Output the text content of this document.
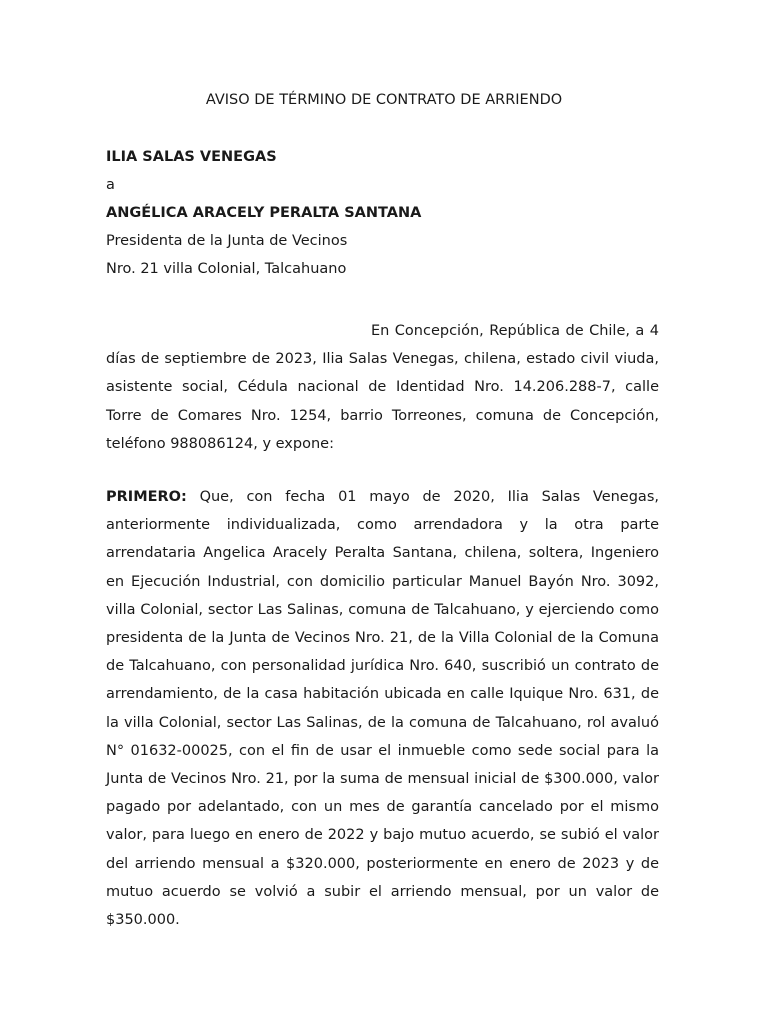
AVISO DE TÉRMINO DE CONTRATO DE ARRIENDO
ILIA SALAS VENEGAS
a
ANGÉLICA ARACELY PERALTA SANTANA
Presidenta de la Junta de Vecinos
Nro. 21 villa Colonial, Talcahuano
En Concepción, República de Chile, a 4 días de septiembre de 2023, Ilia Salas Venegas, chilena, estado civil viuda, asistente social, Cédula nacional de Identidad Nro. 14.206.288-7, calle Torre de Comares Nro. 1254, barrio Torreones, comuna de Concepción, teléfono 988086124, y expone:
PRIMERO: Que, con fecha 01 mayo de 2020, Ilia Salas Venegas, anteriormente individualizada, como arrendadora y la otra parte arrendataria Angelica Aracely Peralta Santana, chilena, soltera, Ingeniero en Ejecución Industrial, con domicilio particular Manuel Bayón Nro. 3092, villa Colonial, sector Las Salinas, comuna de Talcahuano, y ejerciendo como presidenta de la Junta de Vecinos Nro. 21, de la Villa Colonial de la Comuna de Talcahuano, con personalidad jurídica Nro. 640, suscribió un contrato de arrendamiento, de la casa habitación ubicada en calle Iquique Nro. 631, de la villa Colonial, sector Las Salinas, de la comuna de Talcahuano, rol avaluó N° 01632-00025, con el fin de usar el inmueble como sede social para la Junta de Vecinos Nro. 21, por la suma de mensual inicial de $300.000, valor pagado por adelantado, con un mes de garantía cancelado por el mismo valor, para luego en enero de 2022 y bajo mutuo acuerdo, se subió el valor del arriendo mensual a $320.000, posteriormente en enero de 2023 y de mutuo acuerdo se volvió a subir el arriendo mensual, por un valor de $350.000.
